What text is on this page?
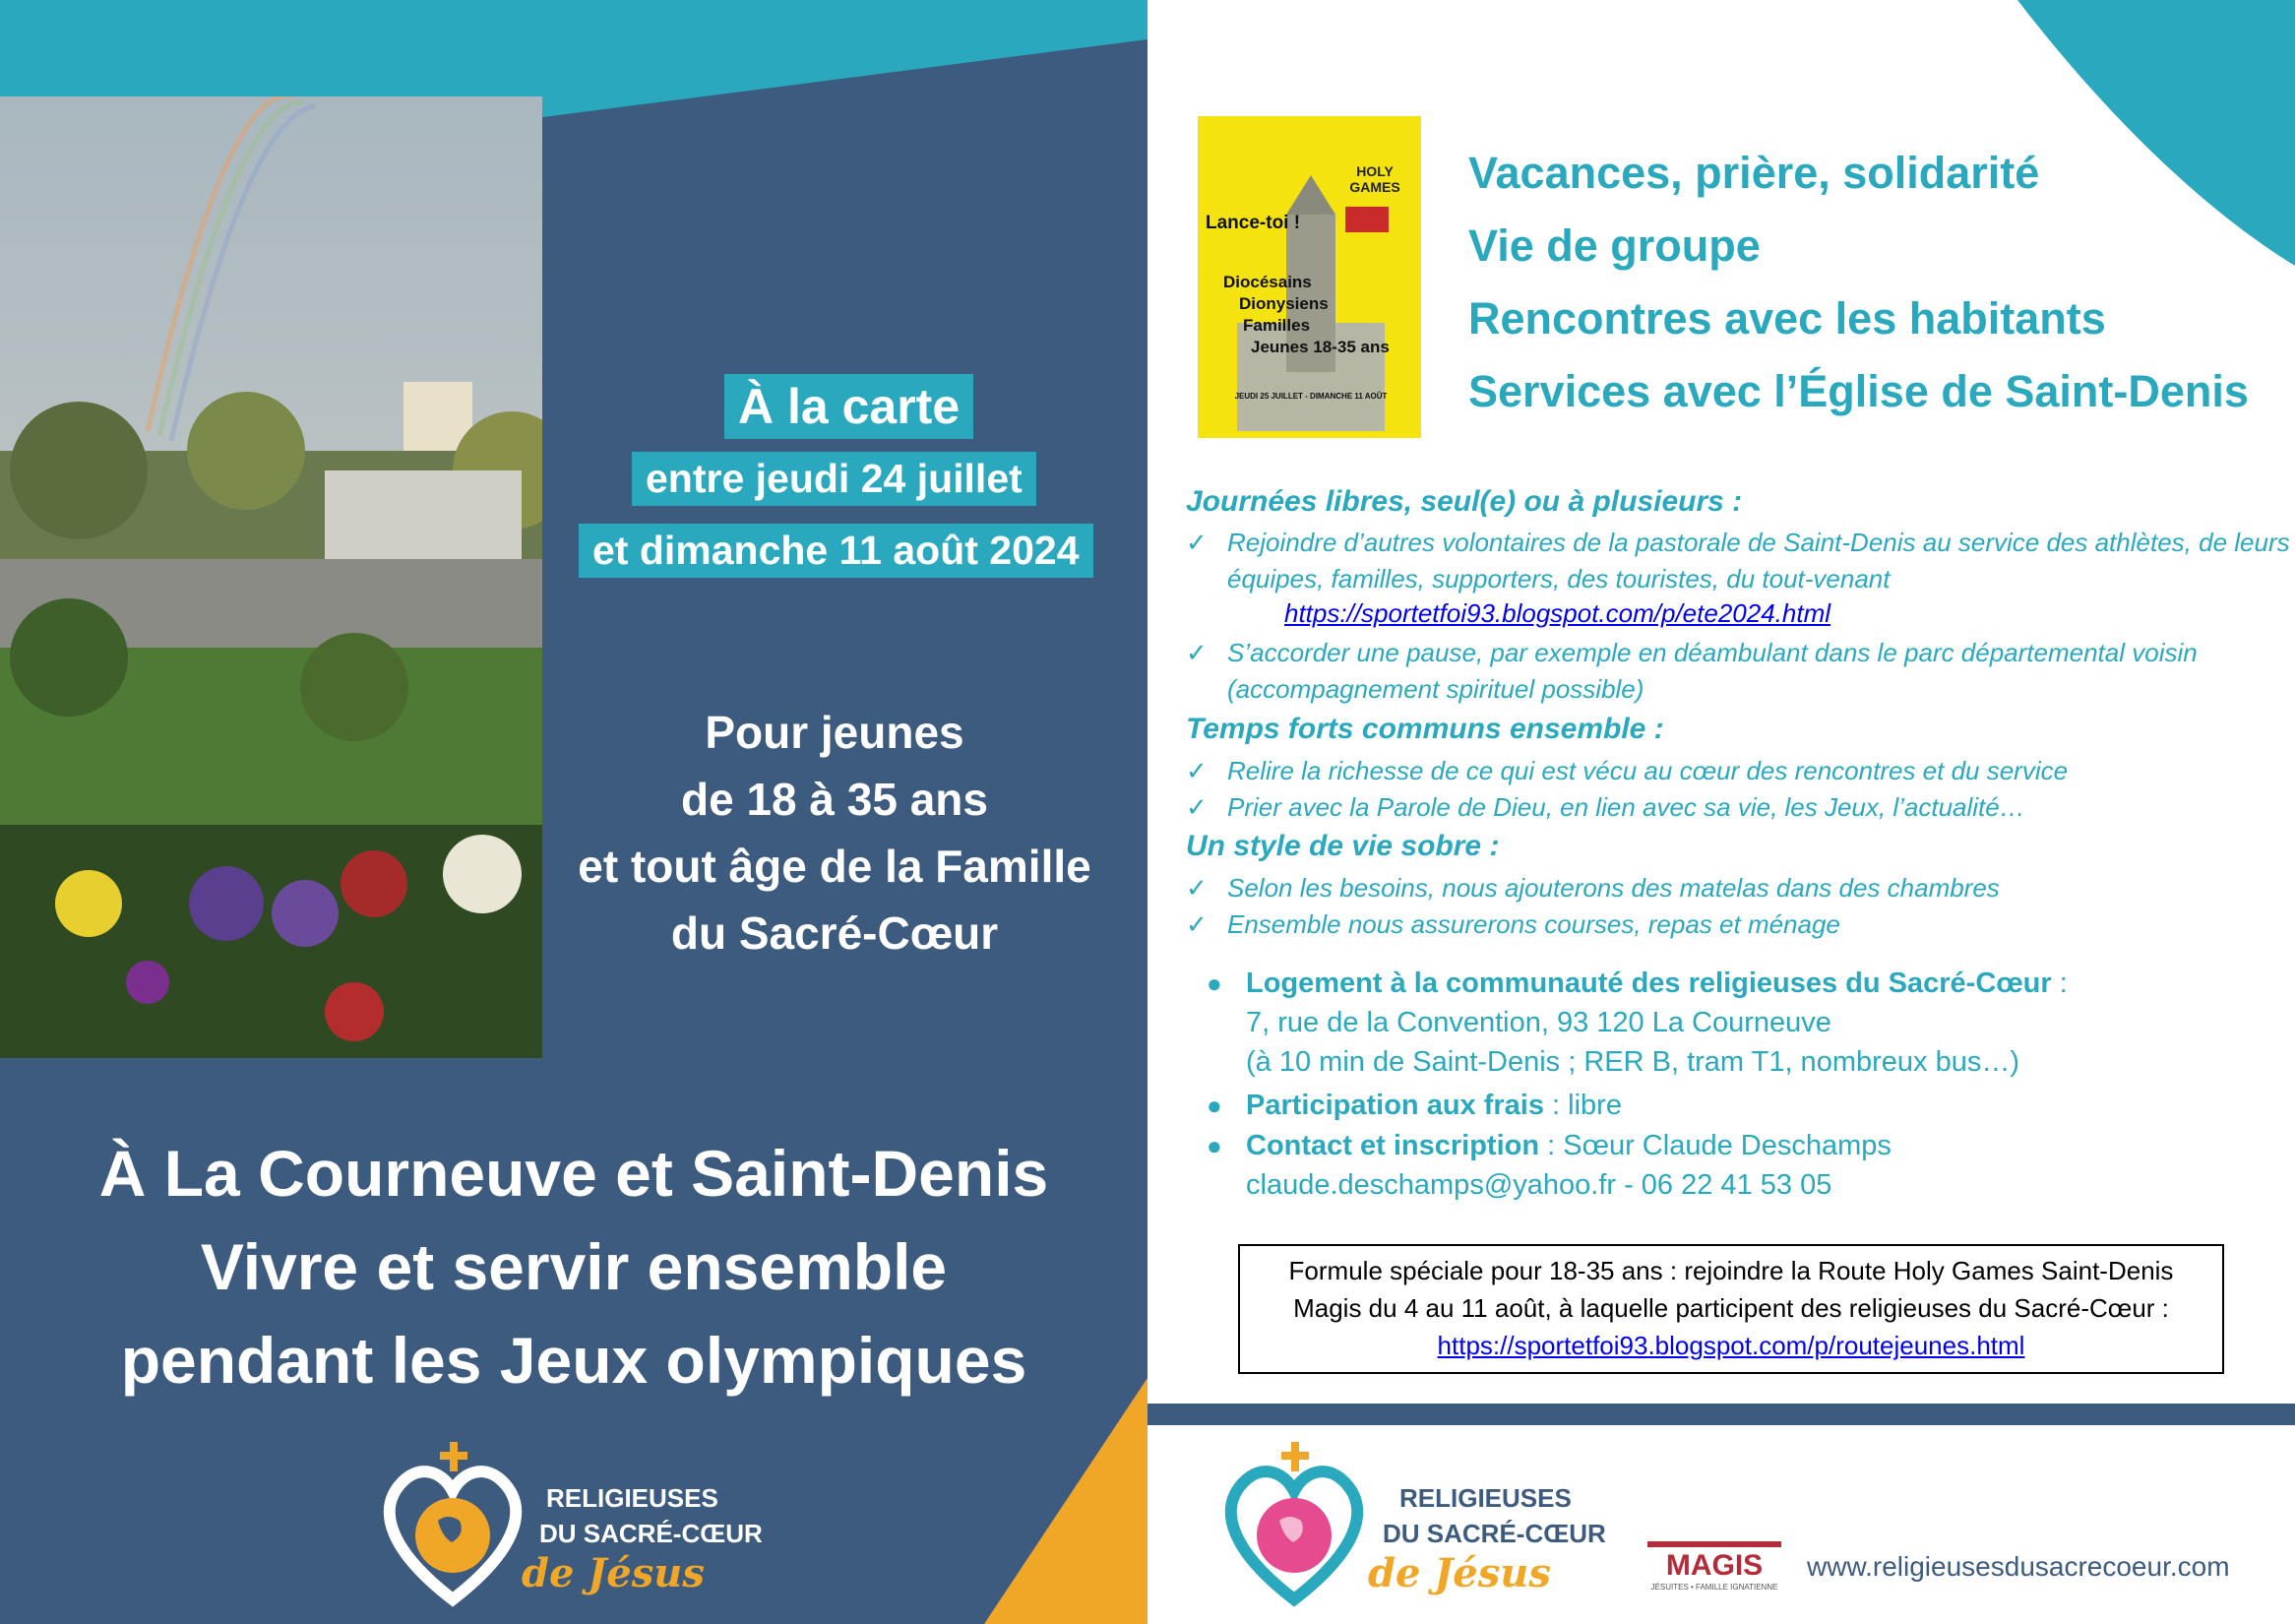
À la carte
entre jeudi 24 juillet
et dimanche 11 août 2024
Pour jeunes
de 18 à 35 ans
et tout âge de la Famille
du Sacré-Cœur
À La Courneuve et Saint-Denis
Vivre et servir ensemble
pendant les Jeux olympiques
RELIGIEUSES
DU SACRÉ-CŒUR
de Jésus
HOLY GAMES
Lance-toi !
Diocésains
Dionysiens
Familles
Jeunes 18-35 ans
JEUDI 25 JUILLET - DIMANCHE 11 AOÛT
Vacances, prière, solidarité
Vie de groupe
Rencontres avec les habitants
Services avec l’Église de Saint-Denis
Journées libres, seul(e) ou à plusieurs :
✓ Rejoindre d’autres volontaires de la pastorale de Saint-Denis au service des athlètes, de leurs équipes, familles, supporters, des touristes, du tout-venant
https://sportetfoi93.blogspot.com/p/ete2024.html
✓ S’accorder une pause, par exemple en déambulant dans le parc départemental voisin (accompagnement spirituel possible)
Temps forts communs ensemble :
✓ Relire la richesse de ce qui est vécu au cœur des rencontres et du service
✓ Prier avec la Parole de Dieu, en lien avec sa vie, les Jeux, l’actualité…
Un style de vie sobre :
✓ Selon les besoins, nous ajouterons des matelas dans des chambres
✓ Ensemble nous assurerons courses, repas et ménage
● Logement à la communauté des religieuses du Sacré-Cœur :
7, rue de la Convention, 93 120 La Courneuve
(à 10 min de Saint-Denis ; RER B, tram T1, nombreux bus…)
● Participation aux frais : libre
● Contact et inscription : Sœur Claude Deschamps
claude.deschamps@yahoo.fr - 06 22 41 53 05
Formule spéciale pour 18-35 ans : rejoindre la Route Holy Games Saint-Denis
Magis du 4 au 11 août, à laquelle participent des religieuses du Sacré-Cœur :
https://sportetfoi93.blogspot.com/p/routejeunes.html
RELIGIEUSES
DU SACRÉ-CŒUR
de Jésus	MAGIS
JÉSUITES • FAMILLE IGNATIENNE
www.religieusesdusacrecoeur.com
